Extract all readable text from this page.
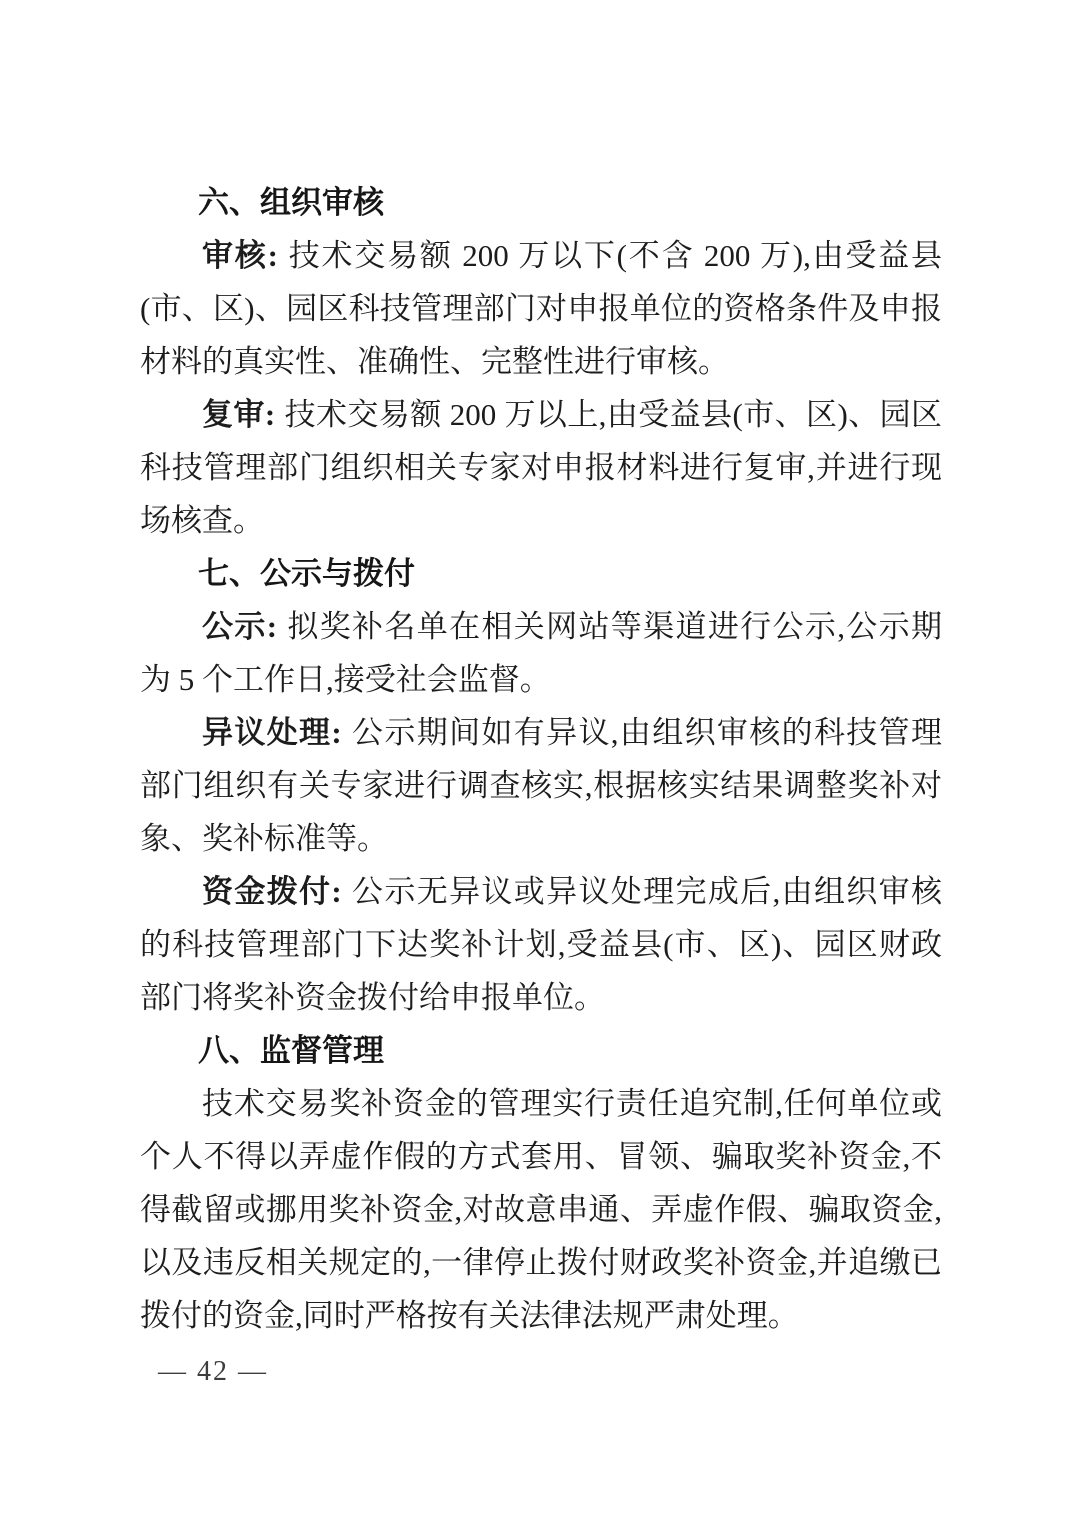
六、组织审核

审核: 技术交易额 200 万以下(不含 200 万),由受益县(市、区)、园区科技管理部门对申报单位的资格条件及申报材料的真实性、准确性、完整性进行审核。

复审: 技术交易额 200 万以上,由受益县(市、区)、园区科技管理部门组织相关专家对申报材料进行复审,并进行现场核查。

七、公示与拨付

公示: 拟奖补名单在相关网站等渠道进行公示,公示期为 5 个工作日,接受社会监督。

异议处理: 公示期间如有异议,由组织审核的科技管理部门组织有关专家进行调查核实,根据核实结果调整奖补对象、奖补标准等。

资金拨付: 公示无异议或异议处理完成后,由组织审核的科技管理部门下达奖补计划,受益县(市、区)、园区财政部门将奖补资金拨付给申报单位。

八、监督管理

技术交易奖补资金的管理实行责任追究制,任何单位或个人不得以弄虚作假的方式套用、冒领、骗取奖补资金,不得截留或挪用奖补资金,对故意串通、弄虚作假、骗取资金,以及违反相关规定的,一律停止拨付财政奖补资金,并追缴已拨付的资金,同时严格按有关法律法规严肃处理。

— 42 —
